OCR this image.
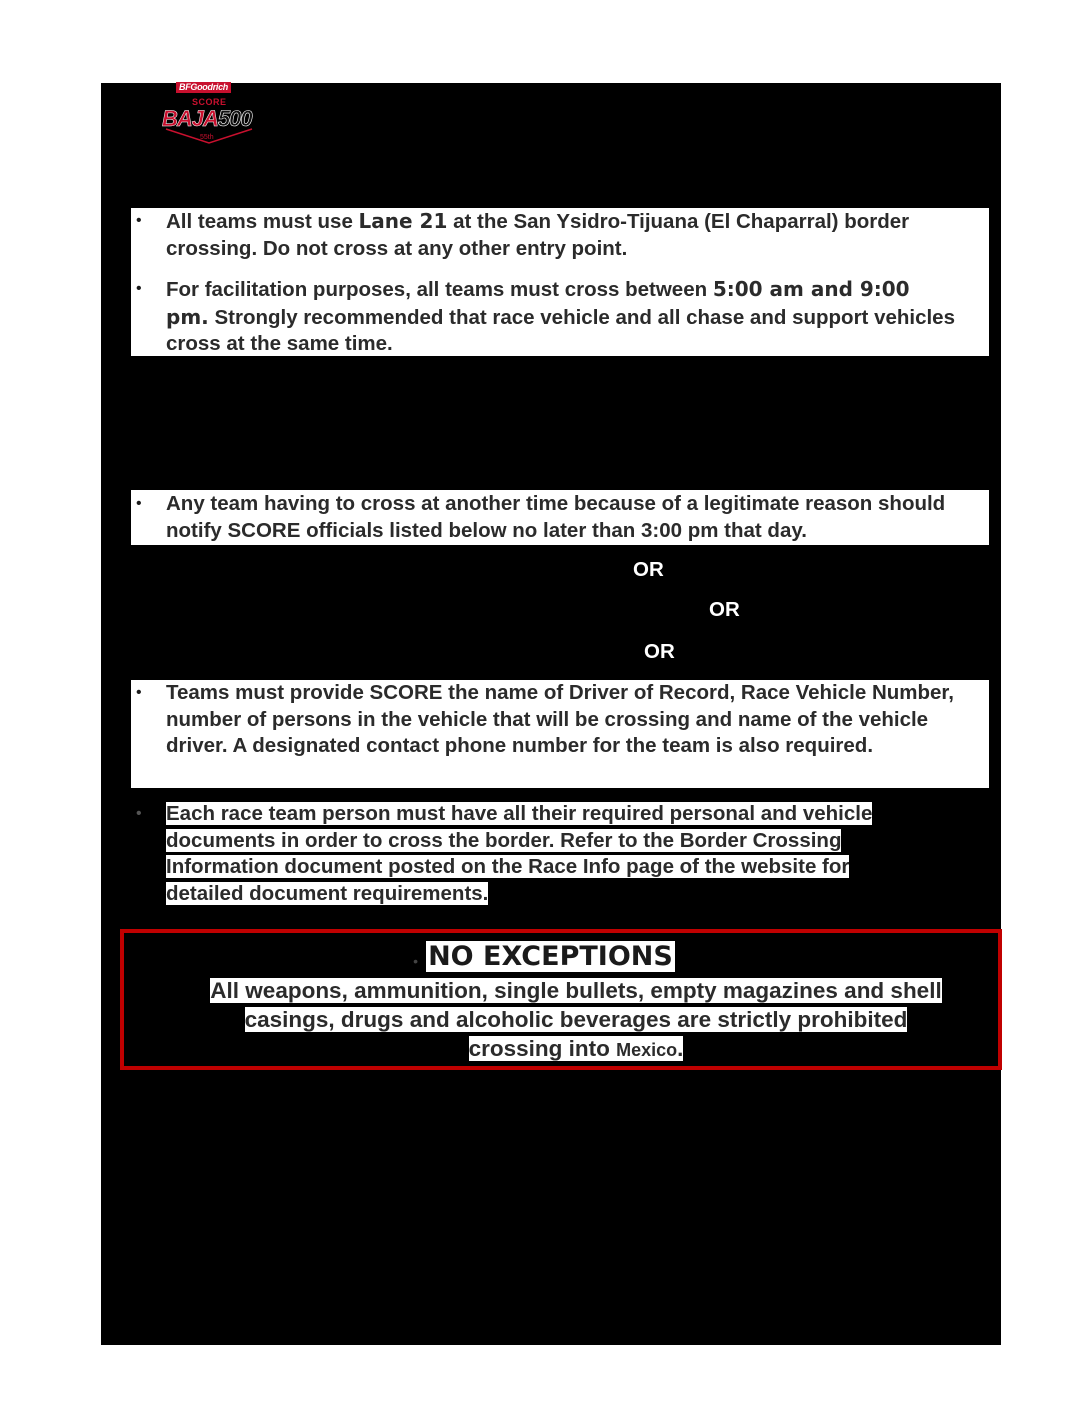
BFGoodrich
SCORE
BAJA500
55th
• All teams must use Lane 21 at the San Ysidro-Tijuana (El Chaparral) border crossing. Do not cross at any other entry point.
• For facilitation purposes, all teams must cross between 5:00 am and 9:00 pm. Strongly recommended that race vehicle and all chase and support vehicles cross at the same time.
• Any team having to cross at another time because of a legitimate reason should notify SCORE officials listed below no later than 3:00 pm that day.
OR
OR
OR
• Teams must provide SCORE the name of Driver of Record, Race Vehicle Number, number of persons in the vehicle that will be crossing and name of the vehicle driver. A designated contact phone number for the team is also required.
• Each race team person must have all their required personal and vehicle
documents in order to cross the border. Refer to the Border Crossing
Information document posted on the Race Info page of the website for
detailed document requirements.
• NO EXCEPTIONS
All weapons, ammunition, single bullets, empty magazines and shell
casings, drugs and alcoholic beverages are strictly prohibited
crossing into Mexico.
